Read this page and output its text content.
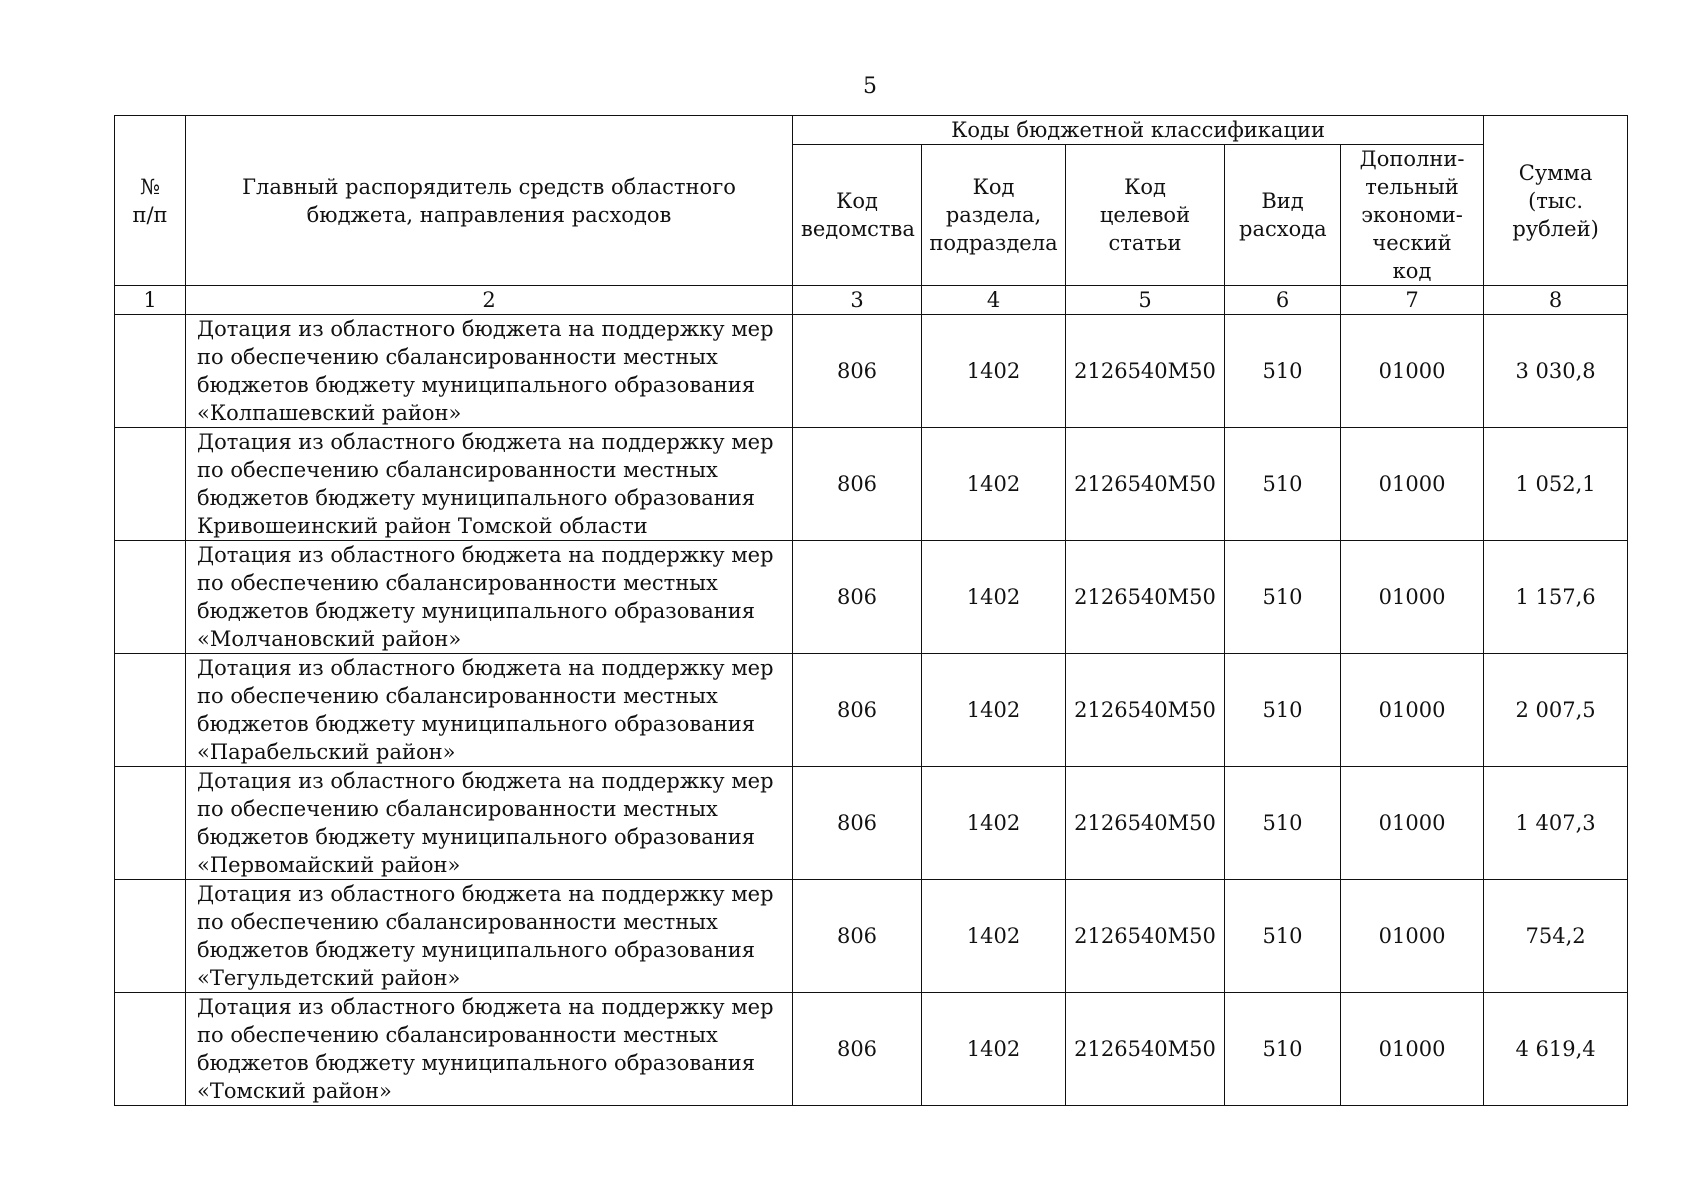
5
№ п/п	Главный распорядитель средств областного бюджета, направления расходов	Коды бюджетной классификации					Сумма (тыс. рублей)
		Код ведомства	Код раздела, подраздела	Код целевой статьи	Вид расхода	Дополни-тельный экономи-ческий код	
1	2	3	4	5	6	7	8
	Дотация из областного бюджета на поддержку мер по обеспечению сбалансированности местных бюджетов бюджету муниципального образования «Колпашевский район»	806	1402	2126540М50	510	01000	3 030,8
	Дотация из областного бюджета на поддержку мер по обеспечению сбалансированности местных бюджетов бюджету муниципального образования Кривошеинский район Томской области	806	1402	2126540М50	510	01000	1 052,1
	Дотация из областного бюджета на поддержку мер по обеспечению сбалансированности местных бюджетов бюджету муниципального образования «Молчановский район»	806	1402	2126540М50	510	01000	1 157,6
	Дотация из областного бюджета на поддержку мер по обеспечению сбалансированности местных бюджетов бюджету муниципального образования «Парабельский район»	806	1402	2126540М50	510	01000	2 007,5
	Дотация из областного бюджета на поддержку мер по обеспечению сбалансированности местных бюджетов бюджету муниципального образования «Первомайский район»	806	1402	2126540М50	510	01000	1 407,3
	Дотация из областного бюджета на поддержку мер по обеспечению сбалансированности местных бюджетов бюджету муниципального образования «Тегульдетский район»	806	1402	2126540М50	510	01000	754,2
	Дотация из областного бюджета на поддержку мер по обеспечению сбалансированности местных бюджетов бюджету муниципального образования «Томский район»	806	1402	2126540М50	510	01000	4 619,4
